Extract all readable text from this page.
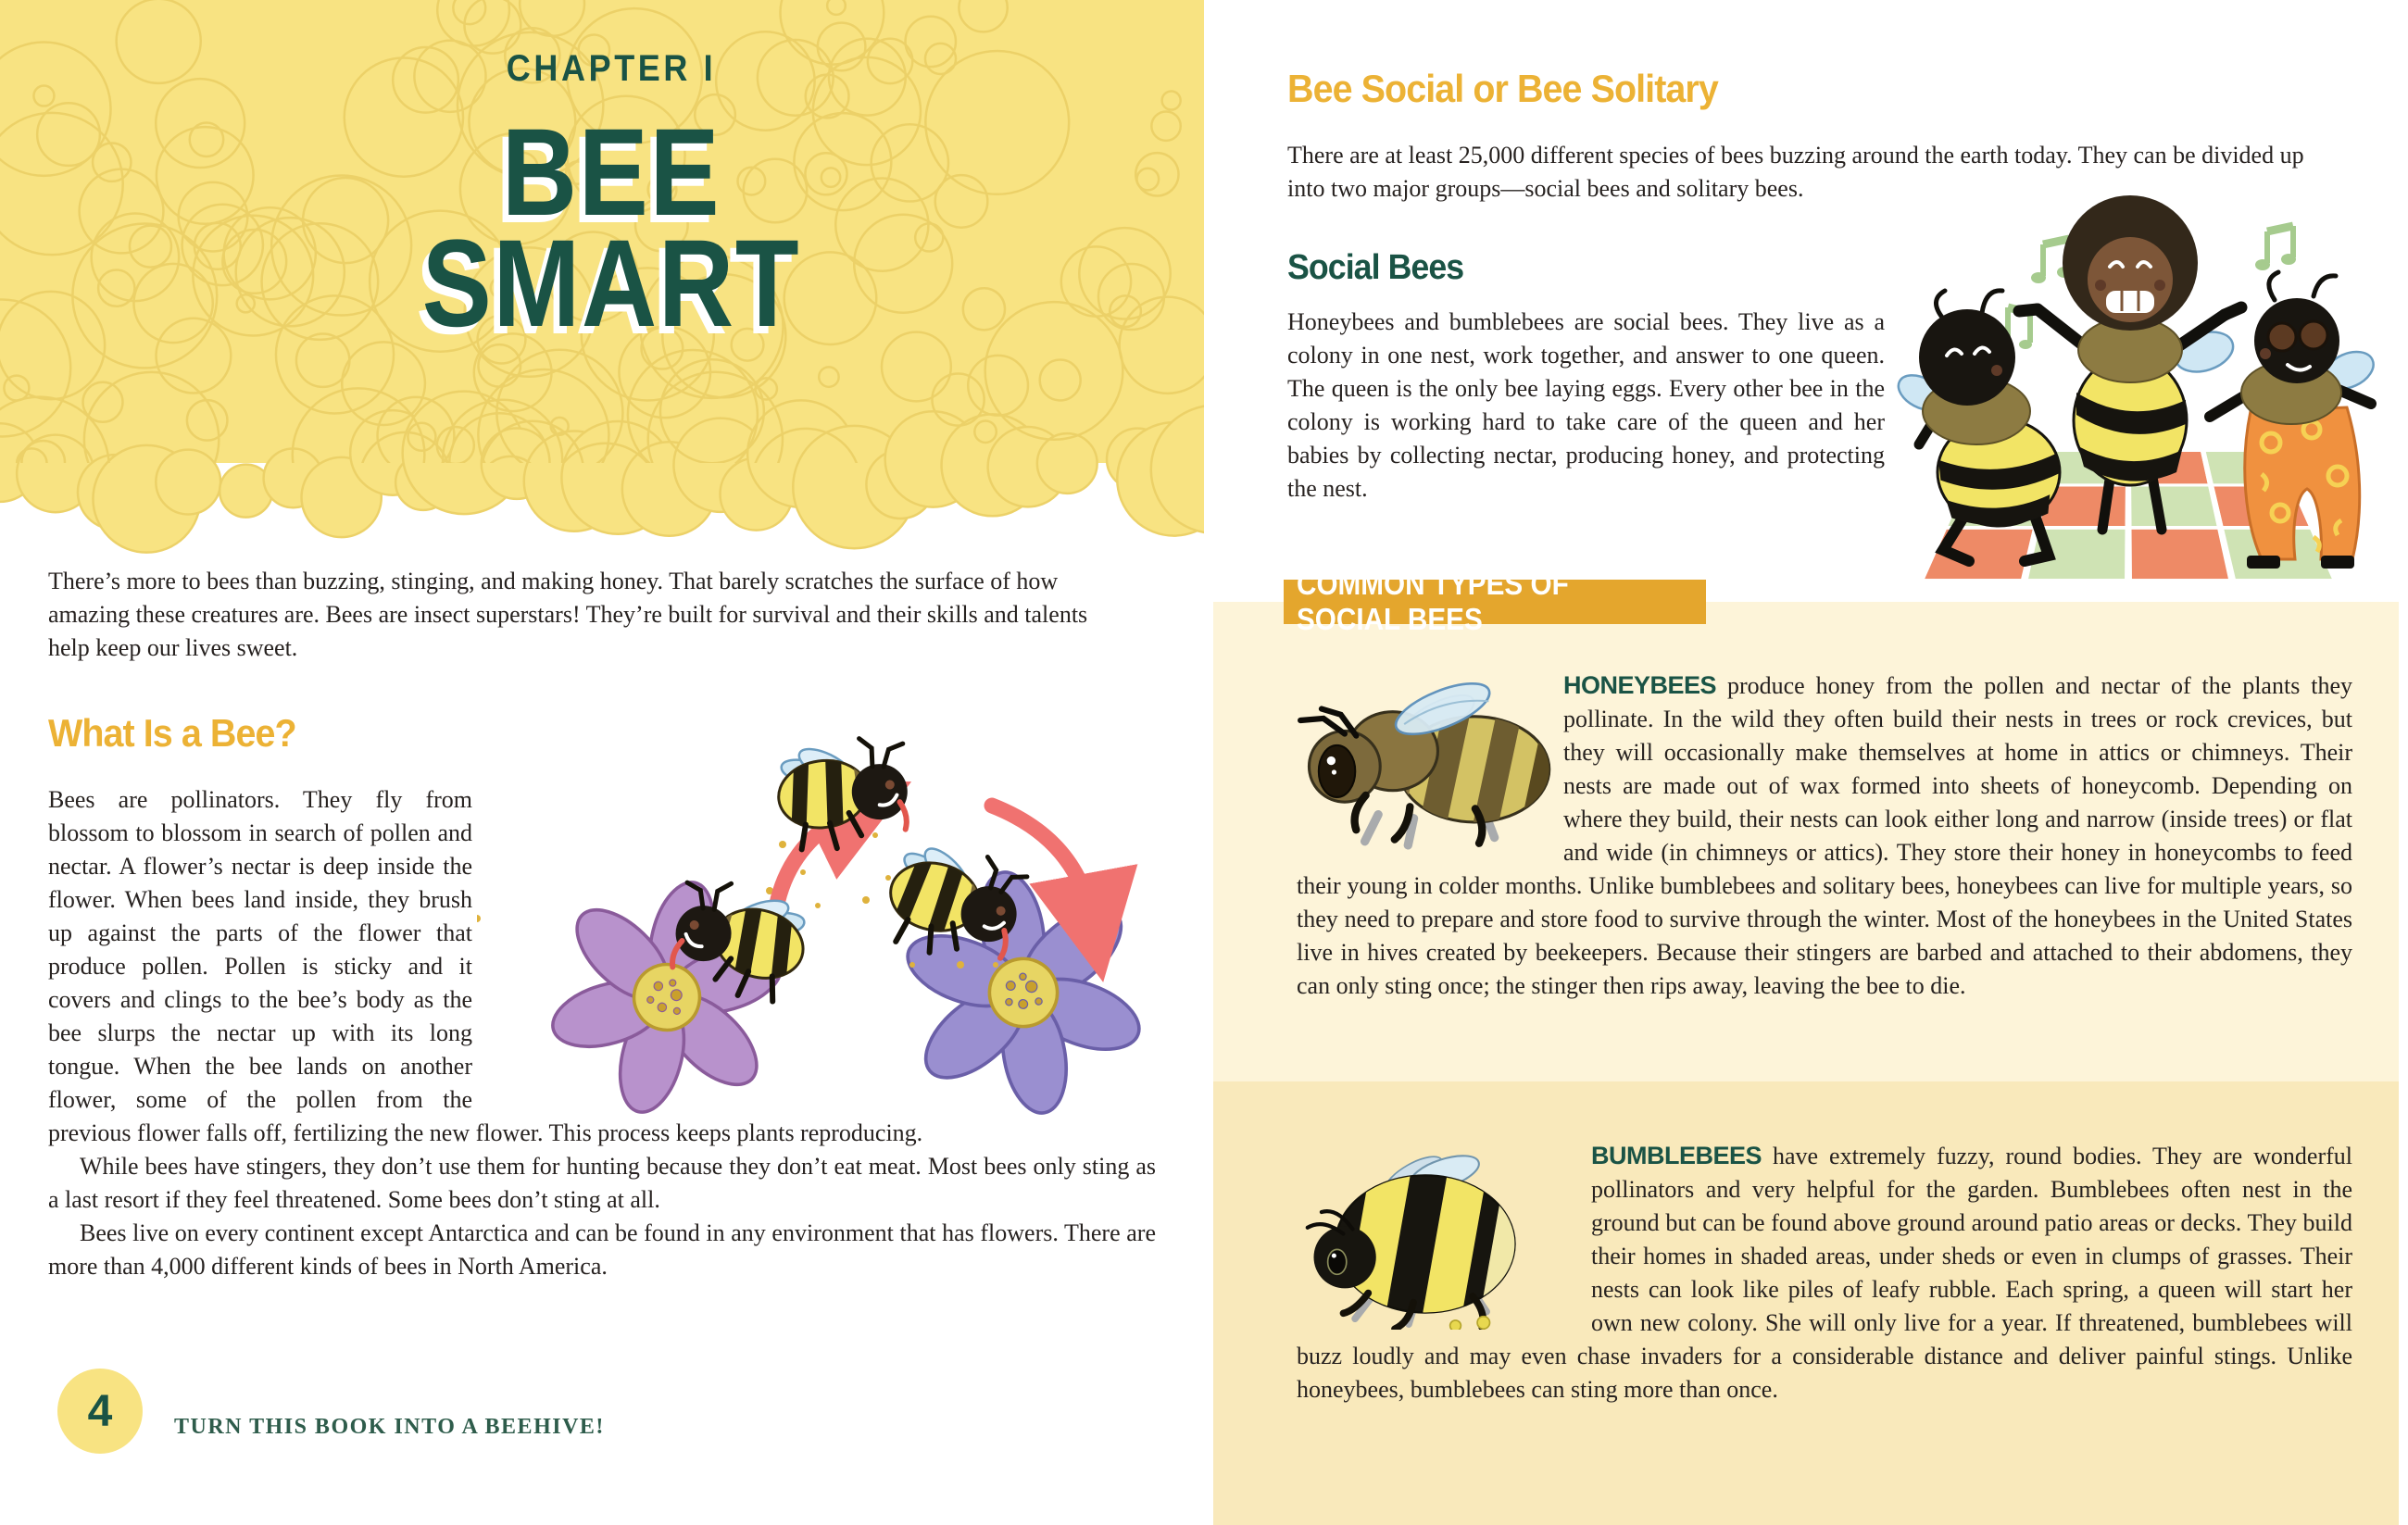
CHAPTER I
BEE
SMART

There’s more to bees than buzzing, stinging, and making honey. That barely scratches the surface of how amazing these creatures are. Bees are insect superstars! They’re built for survival and their skills and talents help keep our lives sweet.

What Is a Bee?

Bees are pollinators. They fly from blossom to blossom in search of pollen and nectar. A flower’s nectar is deep inside the flower. When bees land inside, they brush up against the parts of the flower that produce pollen. Pollen is sticky and it covers and clings to the bee’s body as the bee slurps the nectar up with its long tongue. When the bee lands on another flower, some of the pollen from the previous flower falls off, fertilizing the new flower. This process keeps plants reproducing.

While bees have stingers, they don’t use them for hunting because they don’t eat meat. Most bees only sting as a last resort if they feel threatened. Some bees don’t sting at all.

Bees live on every continent except Antarctica and can be found in any environment that has flowers. There are more than 4,000 different kinds of bees in North America.

4	TURN THIS BOOK INTO A BEEHIVE!
Bee Social or Bee Solitary

There are at least 25,000 different species of bees buzzing around the earth today. They can be divided up into two major groups—social bees and solitary bees.

Social Bees

Honeybees and bumblebees are social bees. They live as a colony in one nest, work together, and answer to one queen. The queen is the only bee laying eggs. Every other bee in the colony is working hard to take care of the queen and her babies by collecting nectar, producing honey, and protecting the nest.

COMMON TYPES OF SOCIAL BEES

HONEYBEES produce honey from the pollen and nectar of the plants they pollinate. In the wild they often build their nests in trees or rock crevices, but they will occasionally make themselves at home in attics or chimneys. Their nests are made out of wax formed into sheets of honeycomb. Depending on where they build, their nests can look either long and narrow (inside trees) or flat and wide (in chimneys or attics). They store their honey in honeycombs to feed their young in colder months. Unlike bumblebees and solitary bees, honeybees can live for multiple years, so they need to prepare and store food to survive through the winter. Most of the honeybees in the United States live in hives created by beekeepers. Because their stingers are barbed and attached to their abdomens, they can only sting once; the stinger then rips away, leaving the bee to die.

BUMBLEBEES have extremely fuzzy, round bodies. They are wonderful pollinators and very helpful for the garden. Bumblebees often nest in the ground but can be found above ground around patio areas or decks. They build their homes in shaded areas, under sheds or even in clumps of grasses. Their nests can look like piles of leafy rubble. Each spring, a queen will start her own new colony. She will only live for a year. If threatened, bumblebees will buzz loudly and may even chase invaders for a considerable distance and deliver painful stings. Unlike honeybees, bumblebees can sting more than once.
